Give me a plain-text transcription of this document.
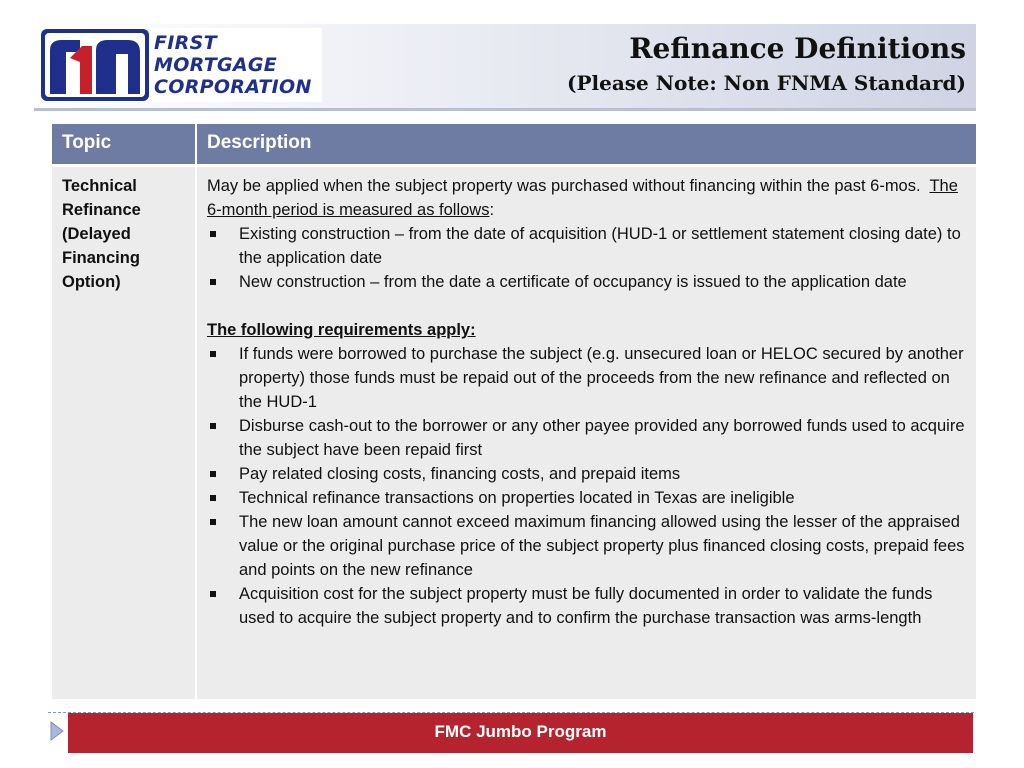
FIRST
MORTGAGE
CORPORATION
Refinance Definitions
(Please Note: Non FNMA Standard)
Topic	Description
Technical
Refinance
(Delayed
Financing
Option)

May be applied when the subject property was purchased without financing within the past 6-mos. The 6-month period is measured as follows:

Existing construction – from the date of acquisition (HUD-1 or settlement statement closing date) to the application date
New construction – from the date a certificate of occupancy is issued to the application date

The following requirements apply:

If funds were borrowed to purchase the subject (e.g. unsecured loan or HELOC secured by another property) those funds must be repaid out of the proceeds from the new refinance and reflected on the HUD-1
Disburse cash-out to the borrower or any other payee provided any borrowed funds used to acquire the subject have been repaid first
Pay related closing costs, financing costs, and prepaid items
Technical refinance transactions on properties located in Texas are ineligible
The new loan amount cannot exceed maximum financing allowed using the lesser of the appraised value or the original purchase price of the subject property plus financed closing costs, prepaid fees and points on the new refinance
Acquisition cost for the subject property must be fully documented in order to validate the funds used to acquire the subject property and to confirm the purchase transaction was arms-length
FMC Jumbo Program
